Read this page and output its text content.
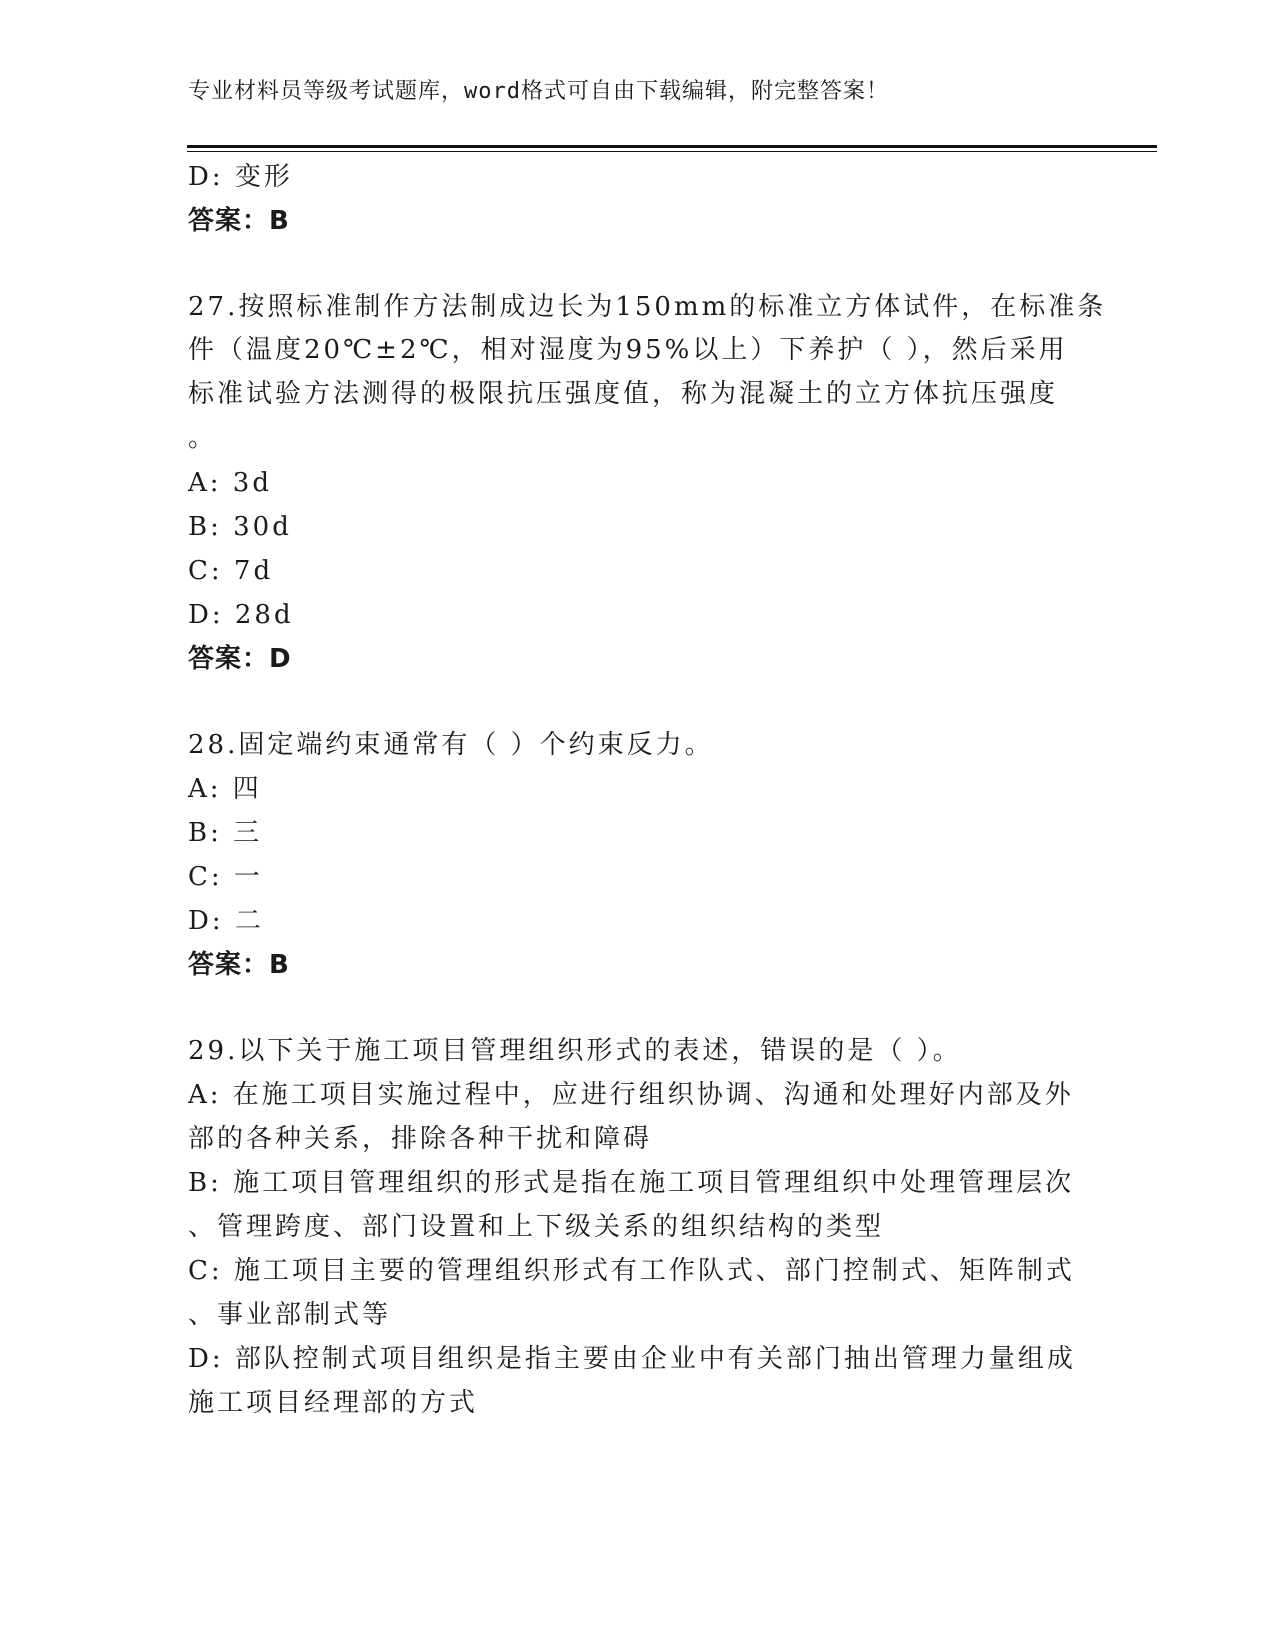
专业材料员等级考试题库，word格式可自由下载编辑，附完整答案！
D: 变形
答案：B
27.按照标准制作方法制成边长为150mm的标准立方体试件，在标准条
件（温度20℃±2℃，相对湿度为95%以上）下养护（ ），然后采用
标准试验方法测得的极限抗压强度值，称为混凝土的立方体抗压强度
。
A: 3d
B: 30d
C: 7d
D: 28d
答案：D
28.固定端约束通常有（ ）个约束反力。
A: 四
B: 三
C: 一
D: 二
答案：B
29.以下关于施工项目管理组织形式的表述，错误的是（ ）。
A: 在施工项目实施过程中，应进行组织协调、沟通和处理好内部及外
部的各种关系，排除各种干扰和障碍
B: 施工项目管理组织的形式是指在施工项目管理组织中处理管理层次
、管理跨度、部门设置和上下级关系的组织结构的类型
C: 施工项目主要的管理组织形式有工作队式、部门控制式、矩阵制式
、事业部制式等
D: 部队控制式项目组织是指主要由企业中有关部门抽出管理力量组成
施工项目经理部的方式
